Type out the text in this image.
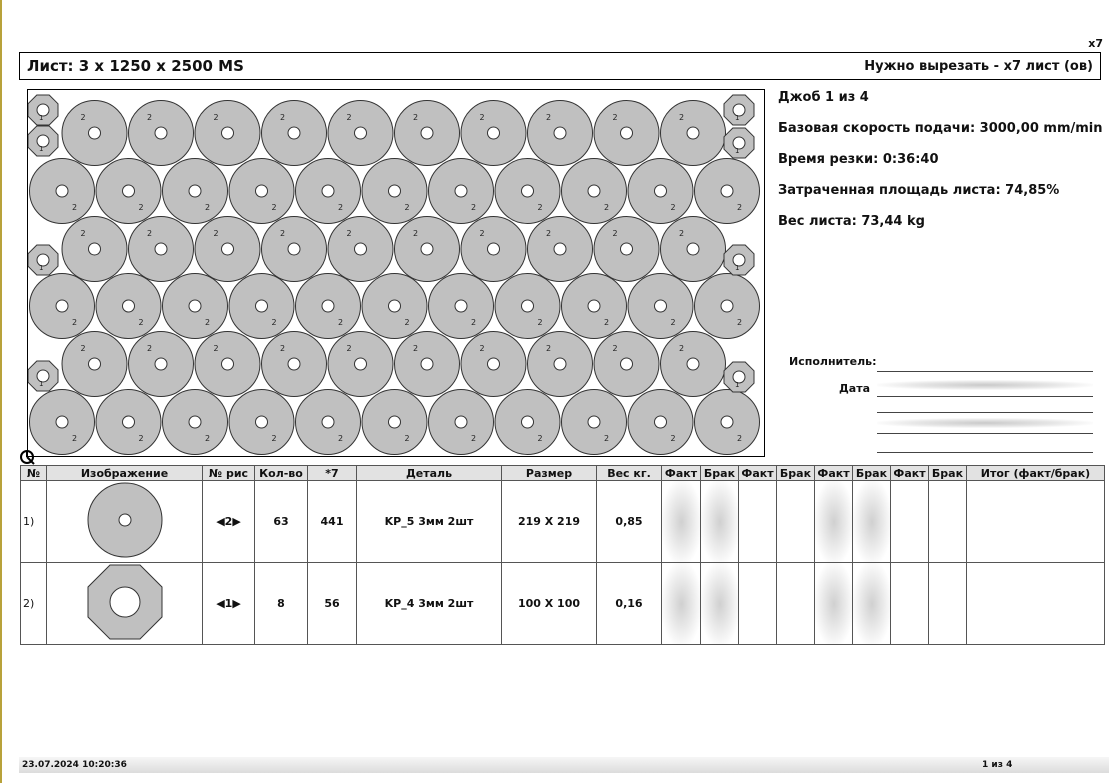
x7
Лист: 3 x 1250 x 2500 MS	Нужно вырезать - x7 лист (ов)
2	2	2	2	2	2	2	2	2	2
2	2	2	2	2	2	2	2	2	2	2
2	2	2	2	2	2	2	2	2	2
2	2	2	2	2	2	2	2	2	2	2
2	2	2	2	2	2	2	2	2	2
2	2	2	2	2	2	2	2	2	2	2
1
1
1
1
1
1
1
1
Джоб 1 из 4
Базовая скорость подачи: 3000,00 mm/min
Время резки: 0:36:40
Затраченная площадь листа: 74,85%
Вес листа: 73,44 kg
Исполнитель:
Дата
№	Изображение	№ рис	Кол-во	*7	Деталь	Размер	Вес кг.	Факт	Брак	Факт	Брак	Факт	Брак	Факт	Брак	Итог (факт/брак)
1)		◀2▶	63	441	KP_5 3мм 2шт	219 X 219	0,85									
2)		◀1▶	8	56	KP_4 3мм 2шт	100 X 100	0,16									
23.07.2024 10:20:36	1 из 4
